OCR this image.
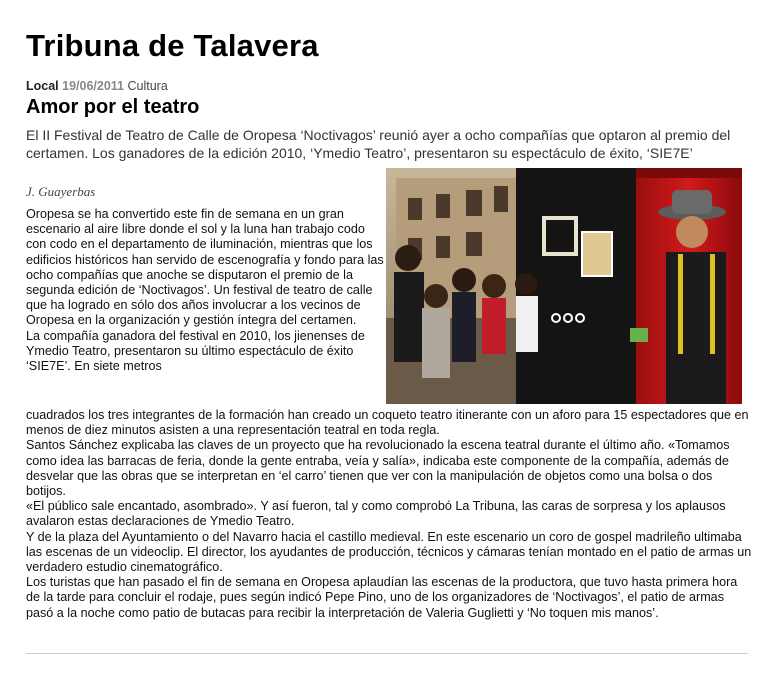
Tribuna de Talavera
Local 19/06/2011 Cultura
Amor por el teatro
El II Festival de Teatro de Calle de Oropesa ‘Noctivagos’ reunió ayer a ocho compañías que optaron al premio del certamen. Los ganadores de la edición 2010, ‘Ymedio Teatro’, presentaron su espectáculo de éxito, ‘SIE7E’
J. Guayerbas

Oropesa se ha convertido este fin de semana en un gran escenario al aire libre donde el sol y la luna han trabajo codo con codo en el departamento de iluminación, mientras que los edificios históricos han servido de escenografía y fondo para las ocho compañías que anoche se disputaron el premio de la segunda edición de ‘Noctivagos’. Un festival de teatro de calle que ha logrado en sólo dos años involucrar a los vecinos de Oropesa en la organización y gestión íntegra del certamen.

La compañía ganadora del festival en 2010, los jienenses de Ymedio Teatro, presentaron su último espectáculo de éxito ‘SIE7E’. En siete metros

cuadrados los tres integrantes de la formación han creado un coqueto teatro itinerante con un aforo para 15 espectadores que en menos de diez minutos asisten a una representación teatral en toda regla.

Santos Sánchez explicaba las claves de un proyecto que ha revolucionado la escena teatral durante el último año. «Tomamos como idea las barracas de feria, donde la gente entraba, veía y salía», indicaba este componente de la compañía, además de desvelar que las obras que se interpretan en ‘el carro’ tienen que ver con la manipulación de objetos como una bolsa o dos botijos.

«El público sale encantado, asombrado». Y así fueron, tal y como comprobó La Tribuna, las caras de sorpresa y los aplausos avalaron estas declaraciones de Ymedio Teatro.

Y de la plaza del Ayuntamiento o del Navarro hacia el castillo medieval. En este escenario un coro de gospel madrileño ultimaba las escenas de un videoclip. El director, los ayudantes de producción, técnicos y cámaras tenían montado en el patio de armas un verdadero estudio cinematográfico.

Los turistas que han pasado el fin de semana en Oropesa aplaudían las escenas de la productora, que tuvo hasta primera hora de la tarde para concluir el rodaje, pues según indicó Pepe Pino, uno de los organizadores de ‘Noctivagos’, el patio de armas pasó a la noche como patio de butacas para recibir la interpretación de Valeria Guglietti y ‘No toquen mis manos’.
